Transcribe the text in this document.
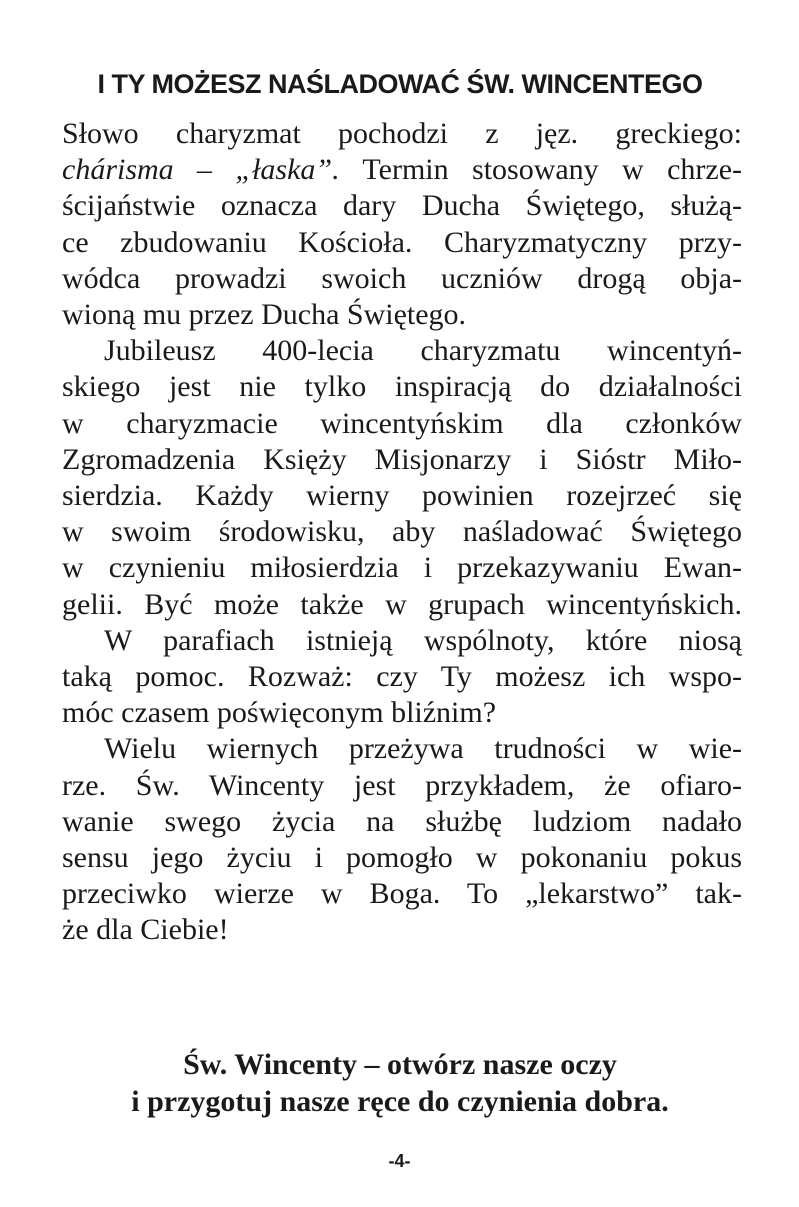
I TY MOŻESZ NAŚLADOWAĆ ŚW. WINCENTEGO

Słowo charyzmat pochodzi z jęz. greckiego:
chárisma – „łaska”. Termin stosowany w chrze-
ścijaństwie oznacza dary Ducha Świętego, służą-
ce zbudowaniu Kościoła. Charyzmatyczny przy-
wódca prowadzi swoich uczniów drogą obja-
wioną mu przez Ducha Świętego.

Jubileusz 400-lecia charyzmatu wincentyń-
skiego jest nie tylko inspiracją do działalności
w charyzmacie wincentyńskim dla członków
Zgromadzenia Księży Misjonarzy i Sióstr Miło-
sierdzia. Każdy wierny powinien rozejrzeć się
w swoim środowisku, aby naśladować Świętego
w czynieniu miłosierdzia i przekazywaniu Ewan-
gelii. Być może także w grupach wincentyńskich.

W parafiach istnieją wspólnoty, które niosą
taką pomoc. Rozważ: czy Ty możesz ich wspo-
móc czasem poświęconym bliźnim?

Wielu wiernych przeżywa trudności w wie-
rze. Św. Wincenty jest przykładem, że ofiaro-
wanie swego życia na służbę ludziom nadało
sensu jego życiu i pomogło w pokonaniu pokus
przeciwko wierze w Boga. To „lekarstwo” tak-
że dla Ciebie!

Św. Wincenty – otwórz nasze oczy
i przygotuj nasze ręce do czynienia dobra.

-4-
